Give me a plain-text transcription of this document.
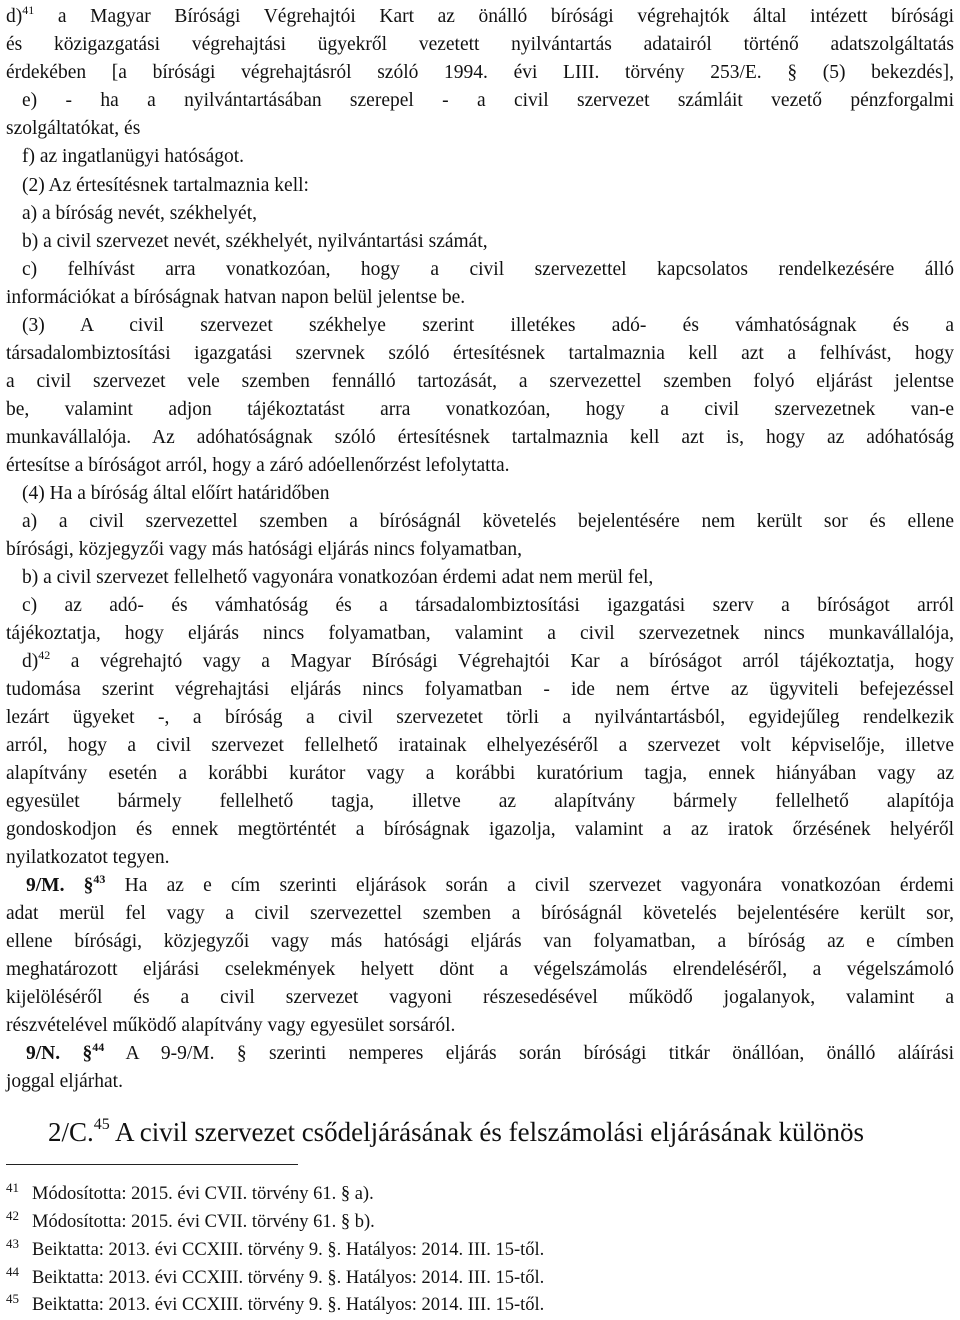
d)$^{41}$ a Magyar Bírósági Végrehajtói Kart az önálló bírósági végrehajtók által intézett bírósági
és közigazgatási végrehajtási ügyekről vezetett nyilvántartás adatairól történő adatszolgáltatás
érdekében [a bírósági végrehajtásról szóló 1994. évi LIII. törvény 253/E. § (5) bekezdés],
e) - ha a nyilvántartásában szerepel - a civil szervezet számláit vezető pénzforgalmi
szolgáltatókat, és
f) az ingatlanügyi hatóságot.
(2) Az értesítésnek tartalmaznia kell:
a) a bíróság nevét, székhelyét,
b) a civil szervezet nevét, székhelyét, nyilvántartási számát,
c) felhívást arra vonatkozóan, hogy a civil szervezettel kapcsolatos rendelkezésére álló
információkat a bíróságnak hatvan napon belül jelentse be.
(3) A civil szervezet székhelye szerint illetékes adó- és vámhatóságnak és a
társadalombiztosítási igazgatási szervnek szóló értesítésnek tartalmaznia kell azt a felhívást, hogy
a civil szervezet vele szemben fennálló tartozását, a szervezettel szemben folyó eljárást jelentse
be, valamint adjon tájékoztatást arra vonatkozóan, hogy a civil szervezetnek van-e
munkavállalója. Az adóhatóságnak szóló értesítésnek tartalmaznia kell azt is, hogy az adóhatóság
értesítse a bíróságot arról, hogy a záró adóellenőrzést lefolytatta.
(4) Ha a bíróság által előírt határidőben
a) a civil szervezettel szemben a bíróságnál követelés bejelentésére nem került sor és ellene
bírósági, közjegyzői vagy más hatósági eljárás nincs folyamatban,
b) a civil szervezet fellelhető vagyonára vonatkozóan érdemi adat nem merül fel,
c) az adó- és vámhatóság és a társadalombiztosítási igazgatási szerv a bíróságot arról
tájékoztatja, hogy eljárás nincs folyamatban, valamint a civil szervezetnek nincs munkavállalója,
d)$^{42}$ a végrehajtó vagy a Magyar Bírósági Végrehajtói Kar a bíróságot arról tájékoztatja, hogy
tudomása szerint végrehajtási eljárás nincs folyamatban - ide nem értve az ügyviteli befejezéssel
lezárt ügyeket -, a bíróság a civil szervezetet törli a nyilvántartásból, egyidejűleg rendelkezik
arról, hogy a civil szervezet fellelhető iratainak elhelyezéséről a szervezet volt képviselője, illetve
alapítvány esetén a korábbi kurátor vagy a korábbi kuratórium tagja, ennek hiányában vagy az
egyesület bármely fellelhető tagja, illetve az alapítvány bármely fellelhető alapítója
gondoskodjon és ennek megtörténtét a bíróságnak igazolja, valamint a az iratok őrzésének helyéről
nyilatkozatot tegyen.
9/M. §$^{43}$ Ha az e cím szerinti eljárások során a civil szervezet vagyonára vonatkozóan érdemi
adat merül fel vagy a civil szervezettel szemben a bíróságnál követelés bejelentésére került sor,
ellene bírósági, közjegyzői vagy más hatósági eljárás van folyamatban, a bíróság az e címben
meghatározott eljárási cselekmények helyett dönt a végelszámolás elrendeléséről, a végelszámoló
kijelöléséről és a civil szervezet vagyoni részesedésével működő jogalanyok, valamint a
részvételével működő alapítvány vagy egyesület sorsáról.
9/N. §$^{44}$ A 9-9/M. § szerinti nemperes eljárás során bírósági titkár önállóan, önálló aláírási
joggal eljárhat.
2/C.$^{45}$ A civil szervezet csődeljárásának és felszámolási eljárásának különös
41 Módosította: 2015. évi CVII. törvény 61. § a).
42 Módosította: 2015. évi CVII. törvény 61. § b).
43 Beiktatta: 2013. évi CCXIII. törvény 9. §. Hatályos: 2014. III. 15-től.
44 Beiktatta: 2013. évi CCXIII. törvény 9. §. Hatályos: 2014. III. 15-től.
45 Beiktatta: 2013. évi CCXIII. törvény 9. §. Hatályos: 2014. III. 15-től.
